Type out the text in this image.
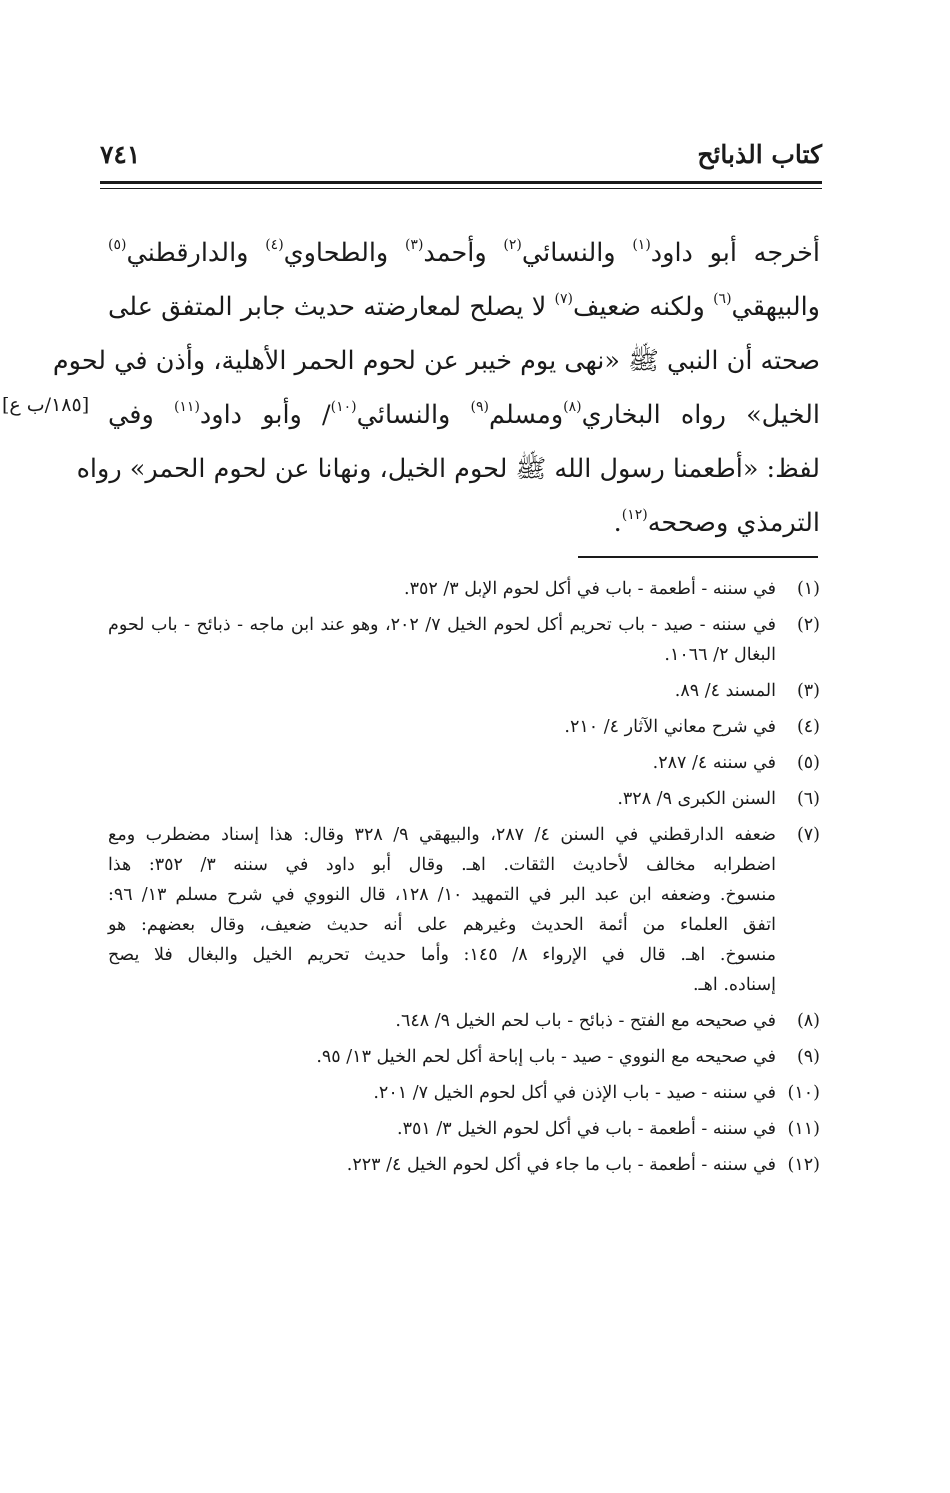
كتاب الذبائح
٧٤١
[١٨٥/ب ع]
أخرجه أبو داود$^{(١)}$ والنسائي$^{(٢)}$ وأحمد$^{(٣)}$ والطحاوي$^{(٤)}$ والدارقطني$^{(٥)}$
والبيهقي$^{(٦)}$ ولكنه ضعيف$^{(٧)}$ لا يصلح لمعارضته حديث جابر المتفق على
صحته أن النبي ﷺ «نهى يوم خيبر عن لحوم الحمر الأهلية، وأذن في لحوم
الخيل» رواه البخاري$^{(٨)}$ومسلم$^{(٩)}$ والنسائي$^{(١٠)}$/ وأبو داود$^{(١١)}$ وفي
لفظ: «أطعمنا رسول الله ﷺ لحوم الخيل، ونهانا عن لحوم الحمر» رواه
الترمذي وصححه$^{(١٢)}$.
(١)
في سننه - أطعمة - باب في أكل لحوم الإبل ٣/ ٣٥٢.
(٢)
في سننه - صيد - باب تحريم أكل لحوم الخيل ٧/ ٢٠٢، وهو عند ابن ماجه - ذبائح - باب لحوم
البغال ٢/ ١٠٦٦.
(٣)
المسند ٤/ ٨٩.
(٤)
في شرح معاني الآثار ٤/ ٢١٠.
(٥)
في سننه ٤/ ٢٨٧.
(٦)
السنن الكبرى ٩/ ٣٢٨.
(٧)
ضعفه الدارقطني في السنن ٤/ ٢٨٧، والبيهقي ٩/ ٣٢٨ وقال: هذا إسناد مضطرب ومع
اضطرابه مخالف لأحاديث الثقات. اهـ. وقال أبو داود في سننه ٣/ ٣٥٢: هذا
منسوخ. وضعفه ابن عبد البر في التمهيد ١٠/ ١٢٨، قال النووي في شرح مسلم ١٣/ ٩٦:
اتفق العلماء من أئمة الحديث وغيرهم على أنه حديث ضعيف، وقال بعضهم: هو
منسوخ. اهـ. قال في الإرواء ٨/ ١٤٥: وأما حديث تحريم الخيل والبغال فلا يصح
إسناده. اهـ.
(٨)
في صحيحه مع الفتح - ذبائح - باب لحم الخيل ٩/ ٦٤٨.
(٩)
في صحيحه مع النووي - صيد - باب إباحة أكل لحم الخيل ١٣/ ٩٥.
(١٠)
في سننه - صيد - باب الإذن في أكل لحوم الخيل ٧/ ٢٠١.
(١١)
في سننه - أطعمة - باب في أكل لحوم الخيل ٣/ ٣٥١.
(١٢)
في سننه - أطعمة - باب ما جاء في أكل لحوم الخيل ٤/ ٢٢٣.
